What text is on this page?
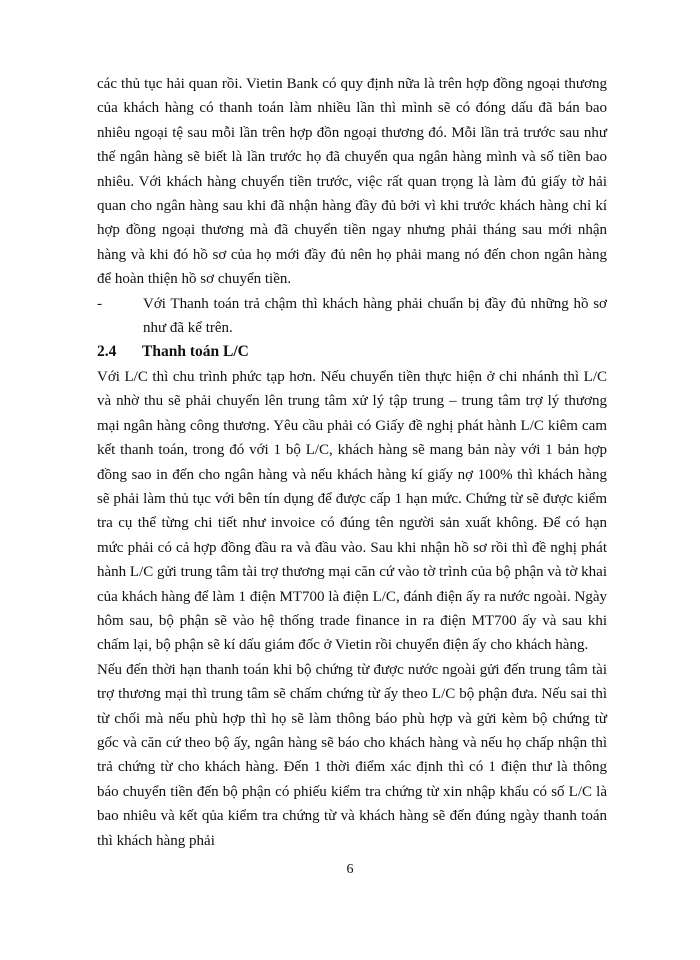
các thủ tục hải quan rồi. Vietin Bank có quy định nữa là trên hợp đồng ngoại thương của khách hàng có thanh toán làm nhiều lần thì mình sẽ có đóng dấu đã bán bao nhiêu ngoại tệ sau mỗi lần trên hợp đồn ngoại thương đó. Mỗi lần trả trước sau như thế ngân hàng sẽ biết là lần trước họ đã chuyển qua ngân hàng mình và số tiền bao nhiêu. Với khách hàng chuyển tiền trước, việc rất quan trọng là làm đủ giấy tờ hải quan cho ngân hàng sau khi đã nhận hàng đầy đủ bởi vì khi trước khách hàng chỉ kí hợp đồng ngoại thương mà đã chuyển tiền ngay nhưng phải tháng sau mới nhận hàng và khi đó hồ sơ của họ mới đầy đủ nên họ phải mang nó đến chon ngân hàng để hoàn thiện hồ sơ chuyển tiền.

-	Với Thanh toán trả chậm thì khách hàng phải chuẩn bị đầy đủ những hồ sơ như đã kể trên.
2.4	Thanh toán L/C

Với L/C thì chu trình phức tạp hơn. Nếu chuyển tiền thực hiện ở chi nhánh thì L/C và nhờ thu sẽ phải chuyển lên trung tâm xử lý tập trung – trung tâm trợ lý thương mại ngân hàng công thương. Yêu cầu phải có Giấy đề nghị phát hành L/C kiêm cam kết thanh toán, trong đó với 1 bộ L/C, khách hàng sẽ mang bản này với 1 bản hợp đồng sao in đến cho ngân hàng và nếu khách hàng kí giấy nợ 100% thì khách hàng sẽ phải làm thủ tục với bên tín dụng để được cấp 1 hạn mức. Chứng từ sẽ được kiểm tra cụ thể từng chi tiết như invoice có đúng tên người sản xuất không. Để có hạn mức phải có cả hợp đồng đầu ra và đầu vào. Sau khi nhận hồ sơ rồi thì đề nghị phát hành L/C gửi trung tâm tài trợ thương mại căn cứ vào tờ trình của bộ phận và tờ khai của khách hàng để làm 1 điện MT700 là điện L/C, đánh điện ấy ra nước ngoài. Ngày hôm sau, bộ phận sẽ vào hệ thống trade finance in ra điện MT700 ấy và sau khi chấm lại, bộ phận sẽ kí dấu giám đốc ở Vietin rồi chuyển điện ấy cho khách hàng.

Nếu đến thời hạn thanh toán khi bộ chứng từ được nước ngoài gửi đến trung tâm tài trợ thương mại thì trung tâm sẽ chấm chứng từ ấy theo L/C bộ phận đưa. Nếu sai thì từ chối mà nếu phù hợp thì họ sẽ làm thông báo phù hợp và gửi kèm bộ chứng từ gốc và căn cứ theo bộ ấy, ngân hàng sẽ báo cho khách hàng và nếu họ chấp nhận thì trả chứng từ cho khách hàng. Đến 1 thời điểm xác định thì có 1 điện thư là thông báo chuyển tiền đến bộ phận có phiếu kiểm tra chứng từ xin nhập khẩu có số L/C là bao nhiêu và kết qủa kiểm tra chứng từ và khách hàng sẽ đến đúng ngày thanh toán thì khách hàng phải

6
